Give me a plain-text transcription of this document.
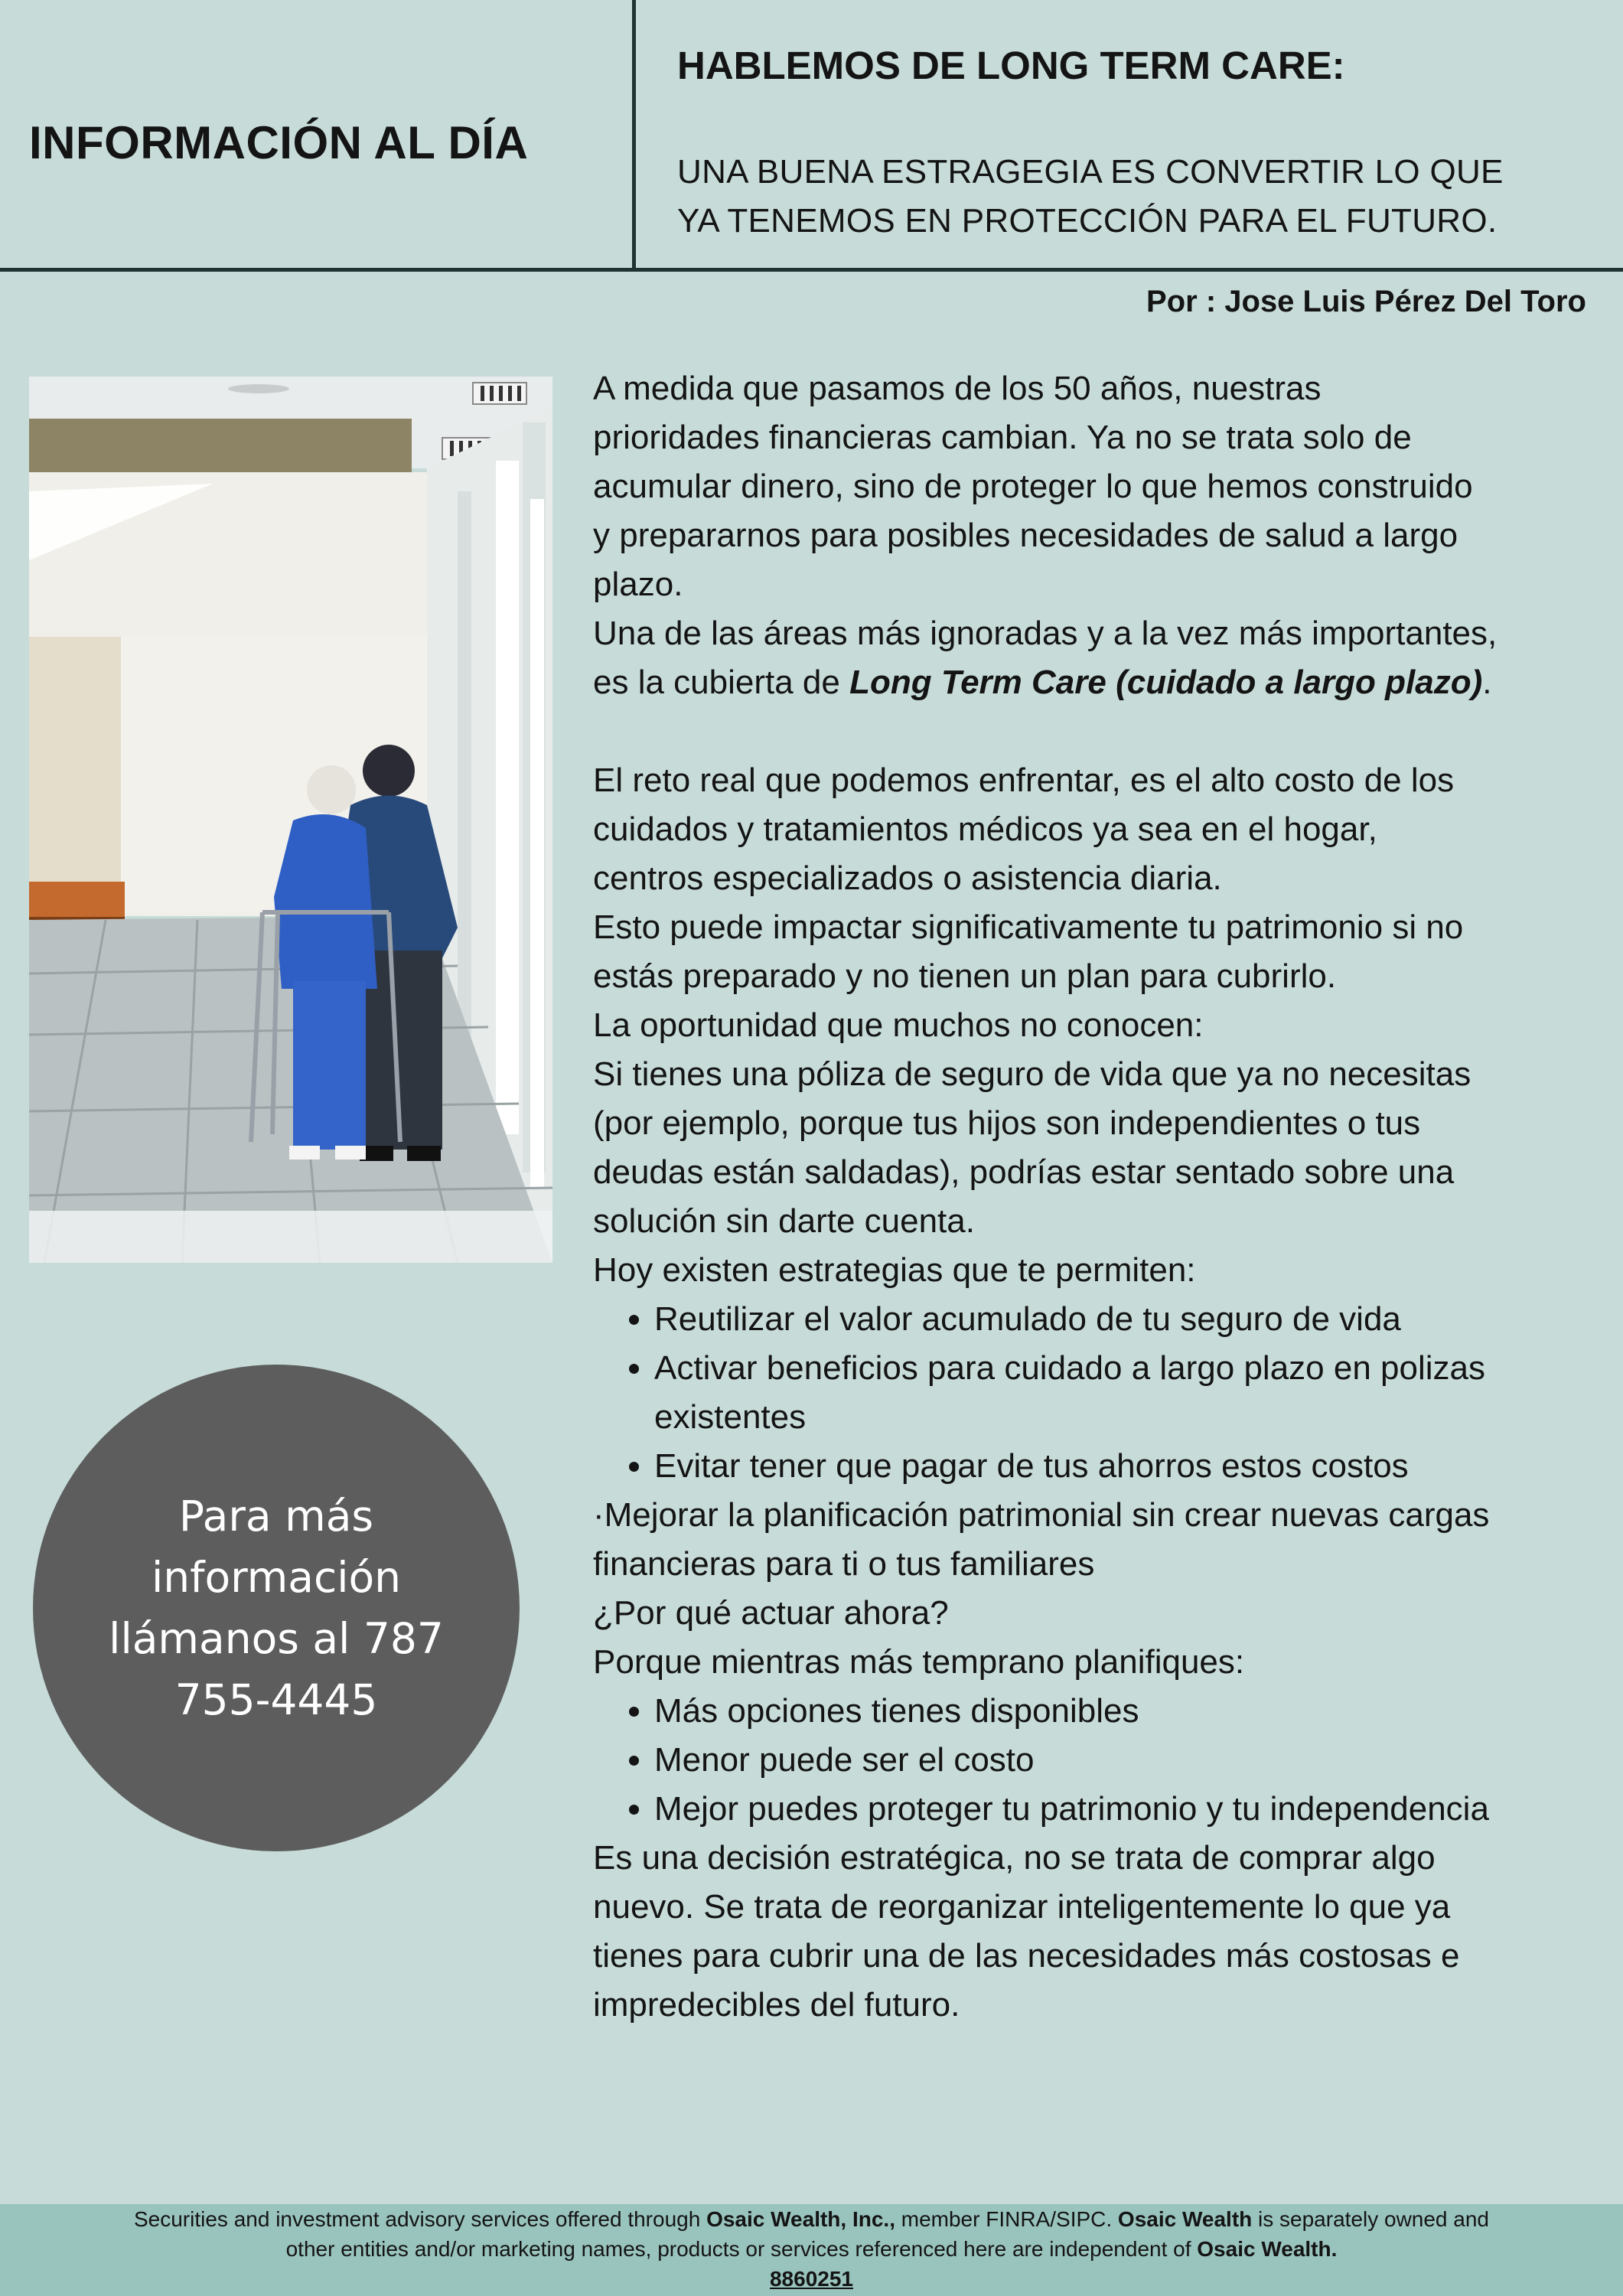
INFORMACIÓN AL DÍA
HABLEMOS DE LONG TERM CARE:
UNA BUENA ESTRAGEGIA ES CONVERTIR LO QUE
YA TENEMOS EN PROTECCIÓN PARA EL FUTURO.
Por : Jose Luis Pérez Del Toro
Para más
información
llámanos al 787
755-4445

A medida que pasamos de los 50 años, nuestras

prioridades financieras cambian. Ya no se trata solo de

acumular dinero, sino de proteger lo que hemos construido

y prepararnos para posibles necesidades de salud a largo

plazo.

Una de las áreas más ignoradas y a la vez más importantes,

es la cubierta de Long Term Care (cuidado a largo plazo).

El reto real que podemos enfrentar, es el alto costo de los

cuidados y tratamientos médicos ya sea en el hogar,

centros especializados o asistencia diaria.

Esto puede impactar significativamente tu patrimonio si no

estás preparado y no tienen un plan para cubrirlo.

La oportunidad que muchos no conocen:

Si tienes una póliza de seguro de vida que ya no necesitas

(por ejemplo, porque tus hijos son independientes o tus

deudas están saldadas), podrías estar sentado sobre una

solución sin darte cuenta.

Hoy existen estrategias que te permiten:

• Reutilizar el valor acumulado de tu seguro de vida
• Activar beneficios para cuidado a largo plazo en polizas
existentes
• Evitar tener que pagar de tus ahorros estos costos

·Mejorar la planificación patrimonial sin crear nuevas cargas

financieras para ti o tus familiares

¿Por qué actuar ahora?

Porque mientras más temprano planifiques:

• Más opciones tienes disponibles
• Menor puede ser el costo
• Mejor puedes proteger tu patrimonio y tu independencia

Es una decisión estratégica, no se trata de comprar algo

nuevo. Se trata de reorganizar inteligentemente lo que ya

tienes para cubrir una de las necesidades más costosas e

impredecibles del futuro.

Securities and investment advisory services offered through Osaic Wealth, Inc., member FINRA/SIPC. Osaic Wealth is separately owned and
other entities and/or marketing names, products or services referenced here are independent of Osaic Wealth.
8860251
